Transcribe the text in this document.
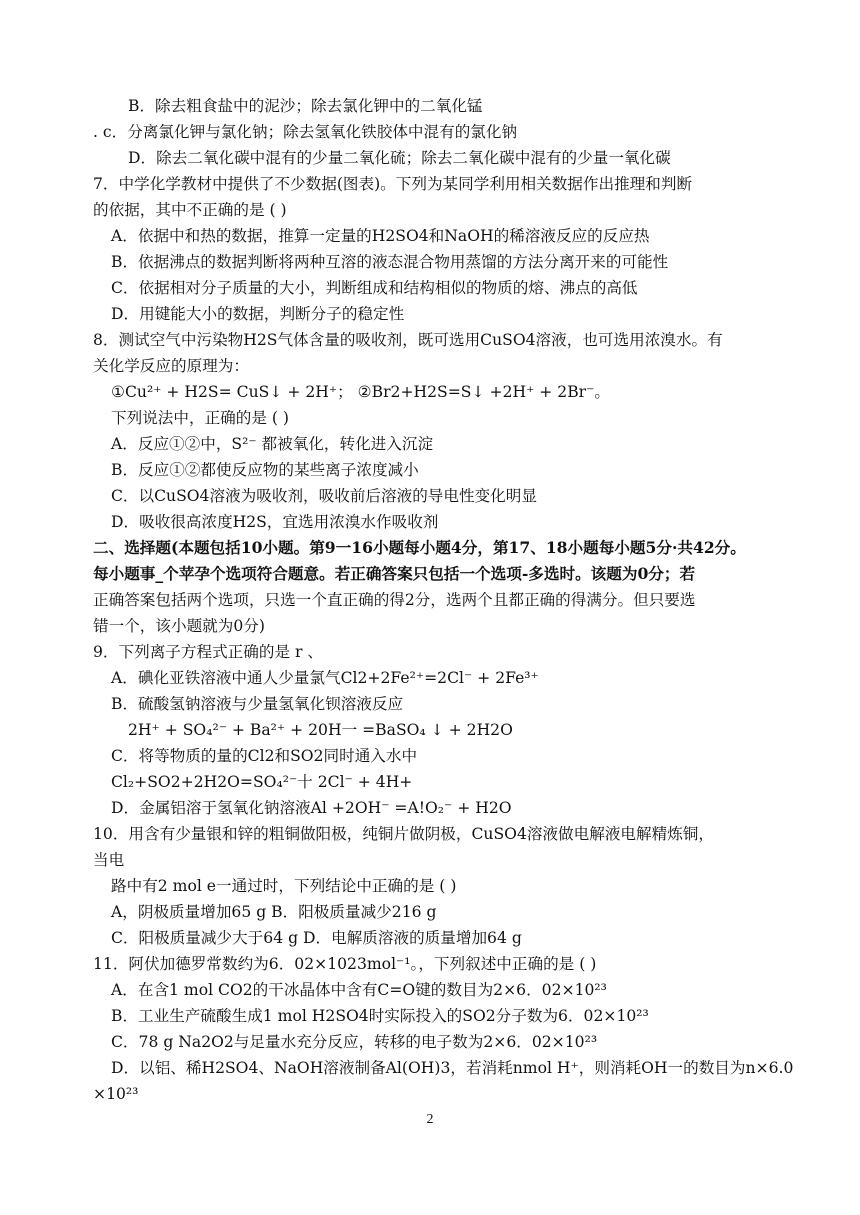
B．除去粗食盐中的泥沙；除去氯化钾中的二氧化锰
. c．分离氯化钾与氯化钠；除去氢氧化铁胶体中混有的氯化钠
D．除去二氧化碳中混有的少量二氧化硫；除去二氧化碳中混有的少量一氧化碳
7．中学化学教材中提供了不少数据(图表)。下列为某同学利用相关数据作出推理和判断
的依据，其中不正确的是 ( )
A．依据中和热的数据，推算一定量的H2SO4和NaOH的稀溶液反应的反应热
B．依据沸点的数据判断将两种互溶的液态混合物用蒸馏的方法分离开来的可能性
C．依据相对分子质量的大小，判断组成和结构相似的物质的熔、沸点的高低
D．用键能大小的数据，判断分子的稳定性
8．测试空气中污染物H2S气体含量的吸收剂，既可选用CuSO4溶液，也可选用浓溴水。有
关化学反应的原理为：
①Cu²⁺ + H2S= CuS↓ + 2H⁺； ②Br2+H2S=S↓ +2H⁺ + 2Br⁻。
下列说法中，正确的是 ( )
A．反应①②中，S²⁻ 都被氧化，转化进入沉淀
B．反应①②都使反应物的某些离子浓度减小
C．以CuSO4溶液为吸收剂，吸收前后溶液的导电性变化明显
D．吸收很高浓度H2S，宜选用浓溴水作吸收剂
二、选择题(本题包括10小题。第9一16小题每小题4分，第17、18小题每小题5分·共42分。
每小题事_个苹孕个选项符合题意。若正确答案只包括一个选项-多选时。该题为0分；若
正确答案包括两个选项，只选一个直正确的得2分，选两个且都正确的得满分。但只要选
错一个，该小题就为0分)
9．下列离子方程式正确的是 r 、
A．碘化亚铁溶液中通人少量氯气Cl2+2Fe²⁺=2Cl⁻ + 2Fe³⁺
B．硫酸氢钠溶液与少量氢氧化钡溶液反应
2H⁺ + SO₄²⁻ + Ba²⁺ + 20H一 =BaSO₄ ↓ + 2H2O
C．将等物质的量的Cl2和SO2同时通入水中
Cl₂+SO2+2H2O=SO₄²⁻十 2Cl⁻ + 4H+
D．金属铝溶于氢氧化钠溶液Al +2OH⁻ =A!O₂⁻ + H2O
10．用含有少量银和锌的粗铜做阳极，纯铜片做阴极，CuSO4溶液做电解液电解精炼铜，
当电
路中有2 mol e一通过时，下列结论中正确的是 ( )
A，阴极质量增加65 g B．阳极质量减少216 g
C．阳极质量减少大于64 g D．电解质溶液的质量增加64 g
11．阿伏加德罗常数约为6．02×1023mol⁻¹。，下列叙述中正确的是 ( )
A．在含1 mol CO2的干冰晶体中含有C=O键的数目为2×6．02×10²³
B．工业生产硫酸生成1 mol H2SO4时实际投入的SO2分子数为6．02×10²³
C．78 g Na2O2与足量水充分反应，转移的电子数为2×6．02×10²³
D．以铝、稀H2SO4、NaOH溶液制备Al(OH)3，若消耗nmol H⁺，则消耗OH一的数目为n×6.0
×10²³
2
